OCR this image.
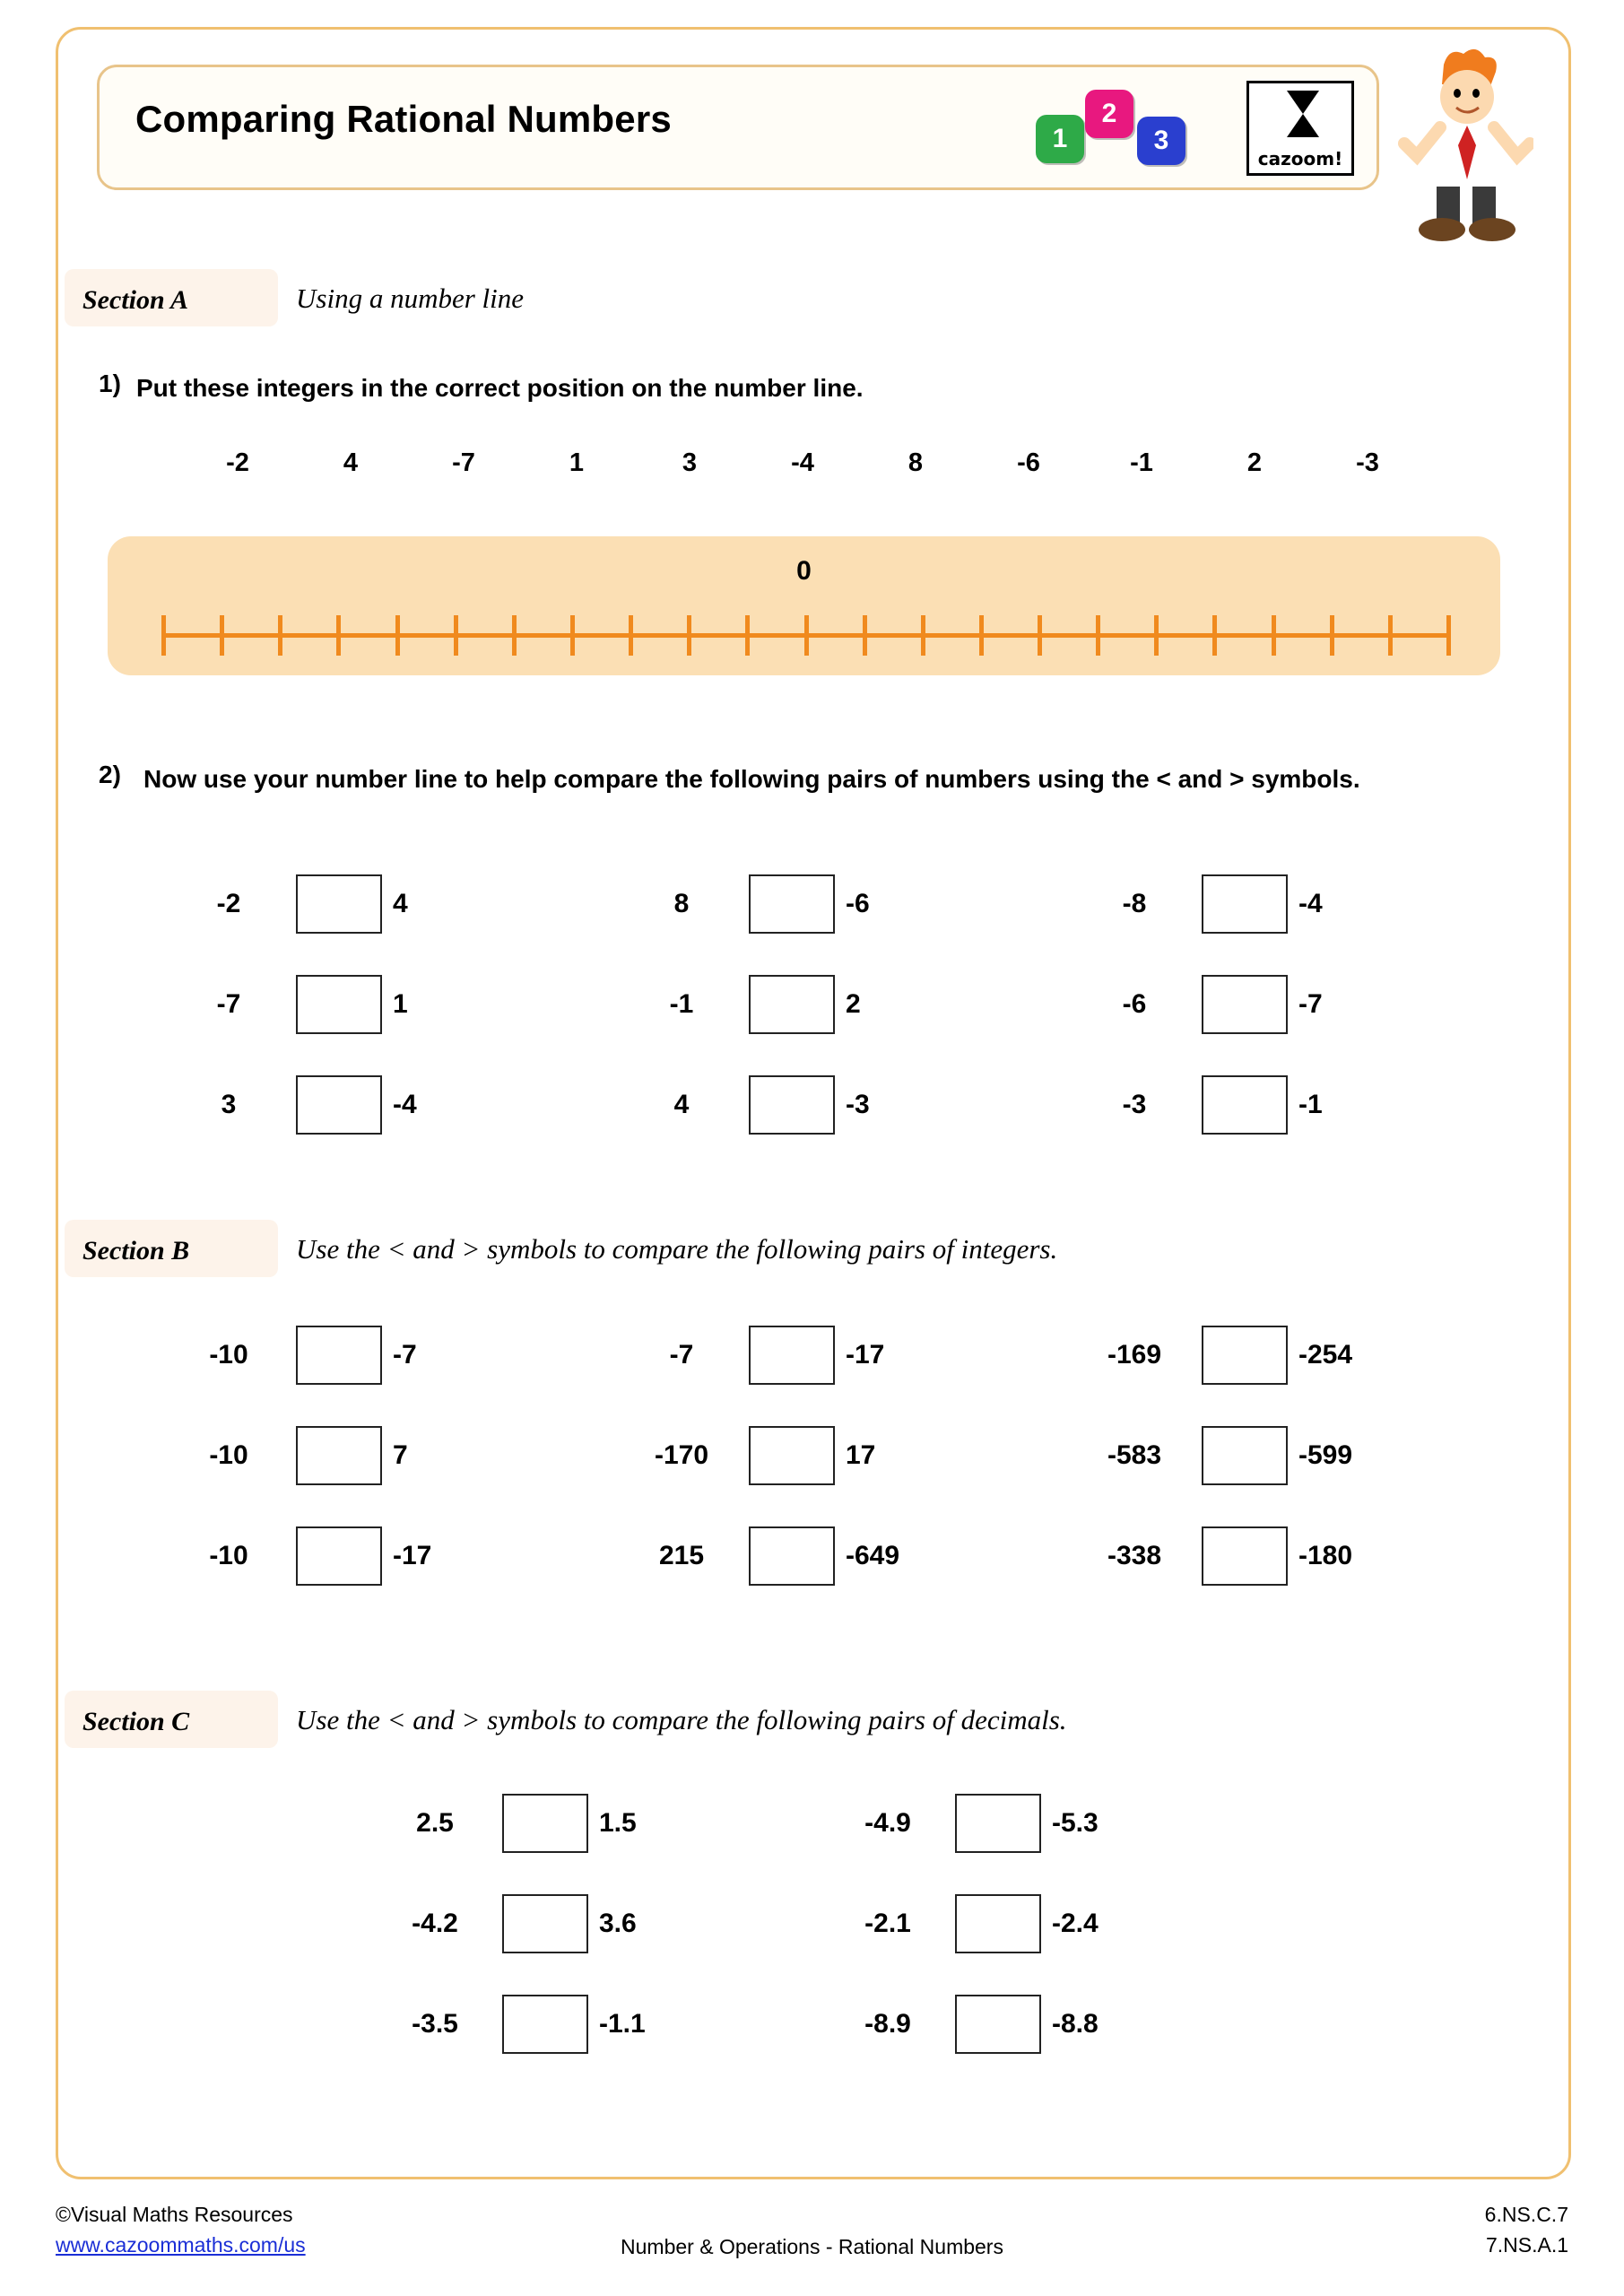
Comparing Rational Numbers	1
2
3
cazoom!
Section A	Using a number line
1) Put these integers in the correct position on the number line.
-2	4	-7	1	3	-4	8	-6	-1	2	-3
0
2) Now use your number line to help compare the following pairs of numbers using the < and > symbols.
-2	4	8	-6	-8	-4
-7	1	-1	2	-6	-7
3	-4	4	-3	-3	-1
Section B	Use the < and > symbols to compare the following pairs of integers.
-10	-7	-7	-17	-169	-254
-10	7	-170	17	-583	-599
-10	-17	215	-649	-338	-180
Section C	Use the < and > symbols to compare the following pairs of decimals.
2.5	1.5	-4.9	-5.3
-4.2	3.6	-2.1	-2.4
-3.5	-1.1	-8.9	-8.8
©Visual Maths Resources
www.cazoommaths.com/us	Number & Operations - Rational Numbers
6.NS.C.7
7.NS.A.1
